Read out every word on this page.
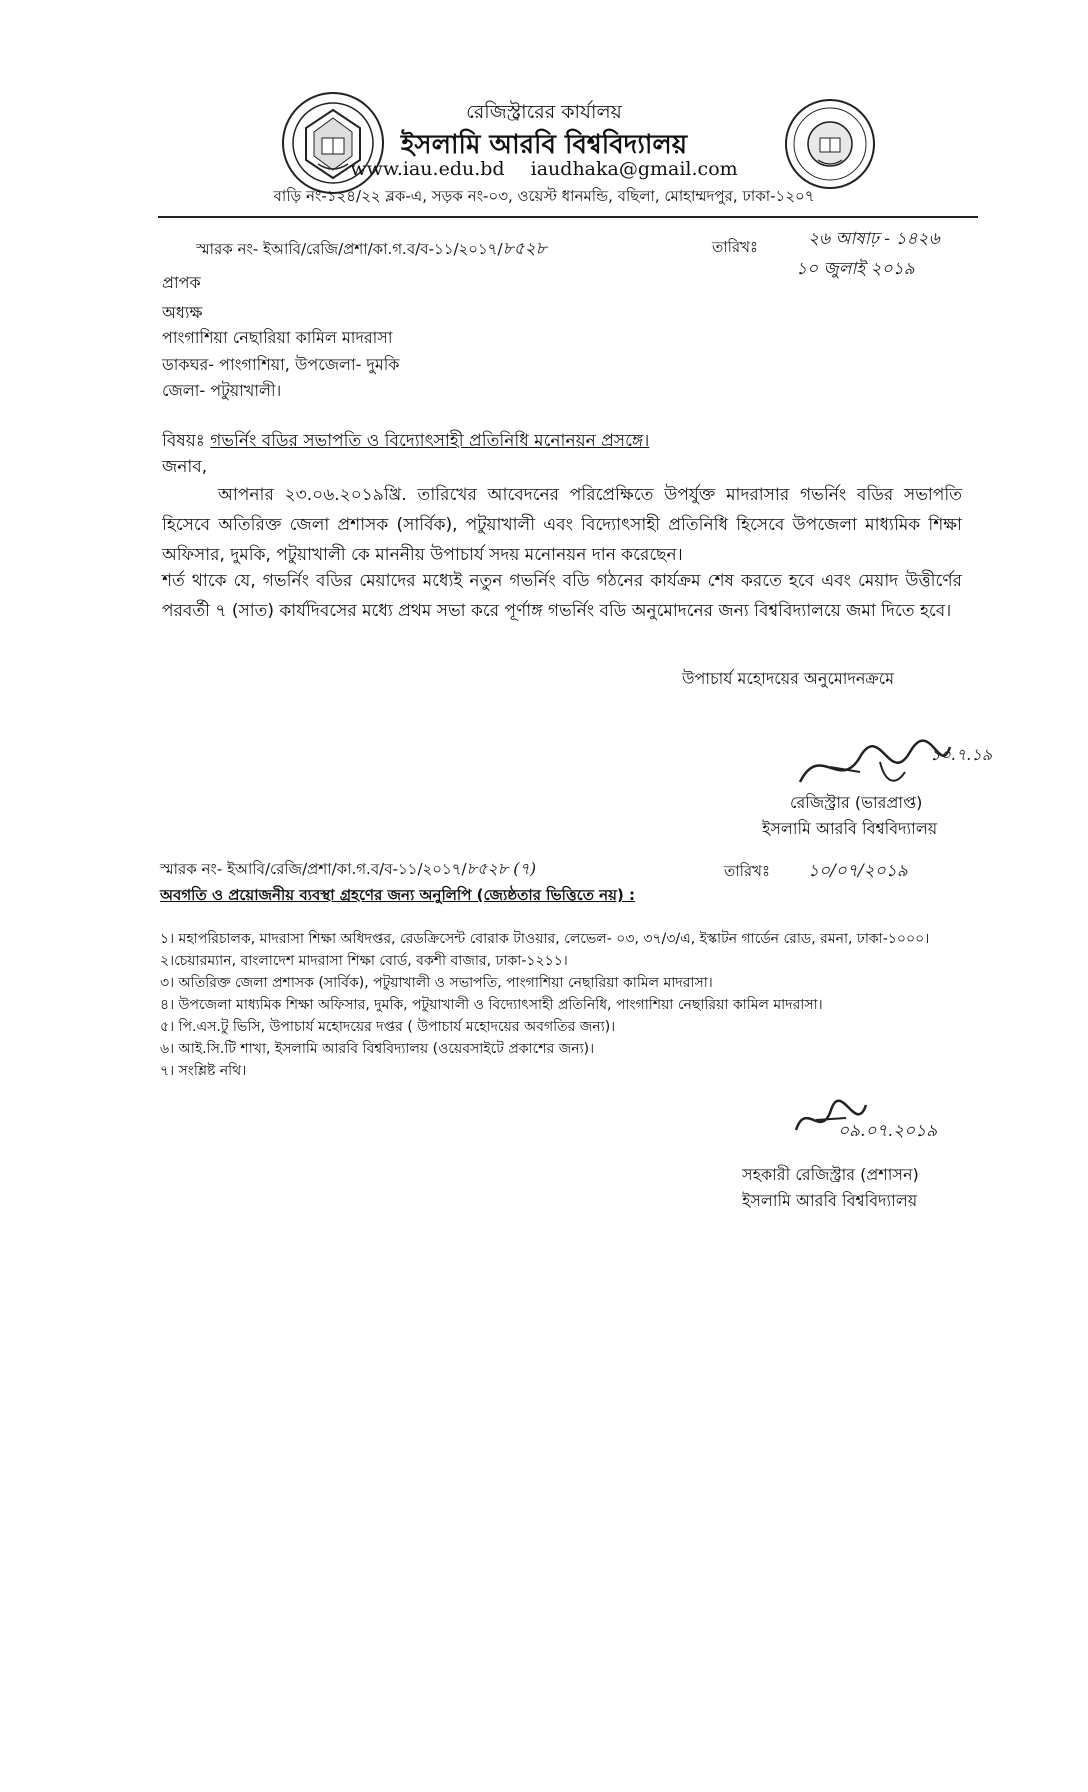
রেজিস্ট্রারের কার্যালয়
ইসলামি আরবি বিশ্ববিদ্যালয়
www.iau.edu.bd iaudhaka@gmail.com
বাড়ি নং-১২৪/২২ ব্লক-এ, সড়ক নং-০৩, ওয়েস্ট ধানমন্ডি, বছিলা, মোহাম্মদপুর, ঢাকা-১২০৭
স্মারক নং- ইআবি/রেজি/প্রশা/কা.গ.ব/ব-১১/২০১৭/৮৫২৮	তারিখঃ	২৬ আষাঢ় - ১৪২৬
১০ জুলাই ২০১৯
প্রাপক
অধ্যক্ষ
পাংগাশিয়া নেছারিয়া কামিল মাদরাসা
ডাকঘর- পাংগাশিয়া, উপজেলা- দুমকি
জেলা- পটুয়াখালী।
বিষয়ঃ গভর্নিং বডির সভাপতি ও বিদ্যোৎসাহী প্রতিনিধি মনোনয়ন প্রসঙ্গে।
জনাব,
আপনার ২৩.০৬.২০১৯খ্রি. তারিখের আবেদনের পরিপ্রেক্ষিতে উপর্যুক্ত মাদরাসার গভর্নিং বডির সভাপতি হিসেবে অতিরিক্ত জেলা প্রশাসক (সার্বিক), পটুয়াখালী এবং বিদ্যোৎসাহী প্রতিনিধি হিসেবে উপজেলা মাধ্যমিক শিক্ষা অফিসার, দুমকি, পটুয়াখালী কে মাননীয় উপাচার্য সদয় মনোনয়ন দান করেছেন।
শর্ত থাকে যে, গভর্নিং বডির মেয়াদের মধ্যেই নতুন গভর্নিং বডি গঠনের কার্যক্রম শেষ করতে হবে এবং মেয়াদ উত্তীর্ণের পরবর্তী ৭ (সাত) কার্যদিবসের মধ্যে প্রথম সভা করে পূর্ণাঙ্গ গভর্নিং বডি অনুমোদনের জন্য বিশ্ববিদ্যালয়ে জমা দিতে হবে।
উপাচার্য মহোদয়ের অনুমোদনক্রমে
১০.৭.১৯
রেজিস্ট্রার (ভারপ্রাপ্ত)
ইসলামি আরবি বিশ্ববিদ্যালয়
স্মারক নং- ইআবি/রেজি/প্রশা/কা.গ.ব/ব-১১/২০১৭/৮৫২৮ (৭)	তারিখঃ ১০/০৭/২০১৯
অবগতি ও প্রয়োজনীয় ব্যবস্থা গ্রহণের জন্য অনুলিপি (জ্যেষ্ঠতার ভিত্তিতে নয়) :
১। মহাপরিচালক, মাদরাসা শিক্ষা অধিদপ্তর, রেডক্রিসেন্ট বোরাক টাওয়ার, লেভেল- ০৩, ৩৭/৩/এ, ইস্কাটন গার্ডেন রোড, রমনা, ঢাকা-১০০০।
২।চেয়ারম্যান, বাংলাদেশ মাদরাসা শিক্ষা বোর্ড, বকশী বাজার, ঢাকা-১২১১।
৩। অতিরিক্ত জেলা প্রশাসক (সার্বিক), পটুয়াখালী ও সভাপতি, পাংগাশিয়া নেছারিয়া কামিল মাদরাসা।
৪। উপজেলা মাধ্যমিক শিক্ষা অফিসার, দুমকি, পটুয়াখালী ও বিদ্যোৎসাহী প্রতিনিধি, পাংগাশিয়া নেছারিয়া কামিল মাদরাসা।
৫। পি.এস.টু ভিসি, উপাচার্য মহোদয়ের দপ্তর ( উপাচার্য মহোদয়ের অবগতির জন্য)।
৬। আই.সি.টি শাখা, ইসলামি আরবি বিশ্ববিদ্যালয় (ওয়েবসাইটে প্রকাশের জন্য)।
৭। সংশ্লিষ্ট নথি।
০৯.০৭.২০১৯
সহকারী রেজিস্ট্রার (প্রশাসন)
ইসলামি আরবি বিশ্ববিদ্যালয়
